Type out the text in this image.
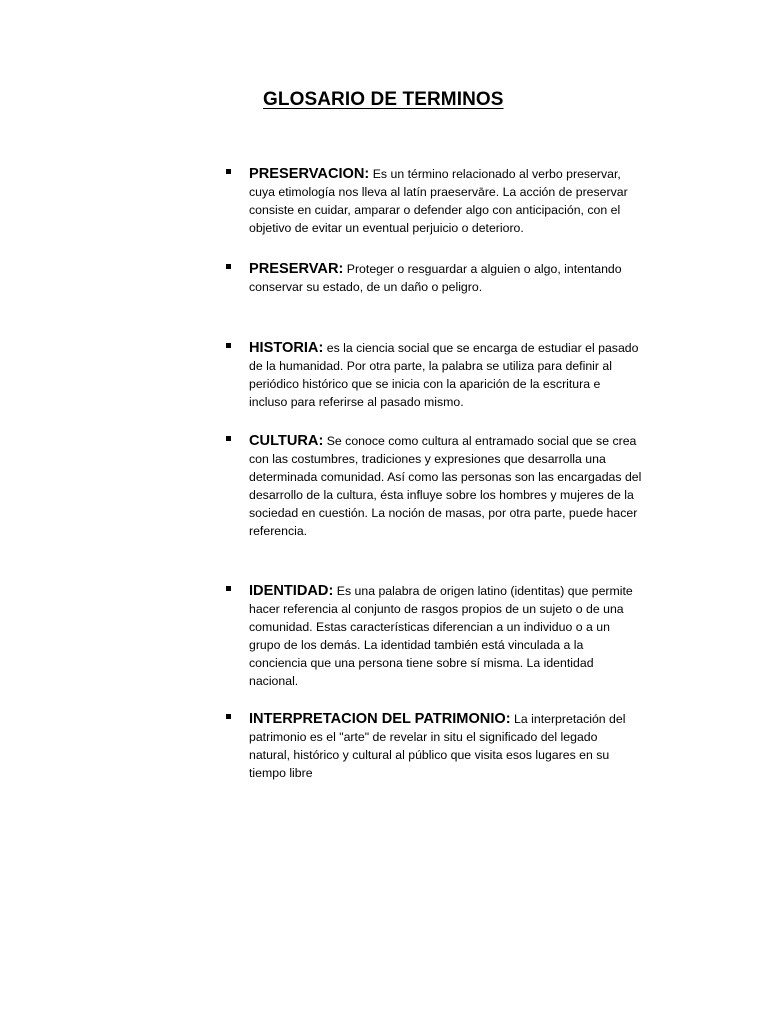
GLOSARIO DE TERMINOS

PRESERVACION: Es un término relacionado al verbo preservar,
cuya etimología nos lleva al latín praeservāre. La acción de preservar
consiste en cuidar, amparar o defender algo con anticipación, con el
objetivo de evitar un eventual perjuicio o deterioro.

PRESERVAR: Proteger o resguardar a alguien o algo, intentando
conservar su estado, de un daño o peligro.

HISTORIA: es la ciencia social que se encarga de estudiar el pasado
de la humanidad. Por otra parte, la palabra se utiliza para definir al
periódico histórico que se inicia con la aparición de la escritura e
incluso para referirse al pasado mismo.

CULTURA: Se conoce como cultura al entramado social que se crea
con las costumbres, tradiciones y expresiones que desarrolla una
determinada comunidad. Así como las personas son las encargadas del
desarrollo de la cultura, ésta influye sobre los hombres y mujeres de la
sociedad en cuestión. La noción de masas, por otra parte, puede hacer
referencia.

IDENTIDAD: Es una palabra de origen latino (identitas) que permite
hacer referencia al conjunto de rasgos propios de un sujeto o de una
comunidad. Estas características diferencian a un individuo o a un
grupo de los demás. La identidad también está vinculada a la
conciencia que una persona tiene sobre sí misma. La identidad
nacional.

INTERPRETACION DEL PATRIMONIO: La interpretación del
patrimonio es el "arte" de revelar in situ el significado del legado
natural, histórico y cultural al público que visita esos lugares en su
tiempo libre
